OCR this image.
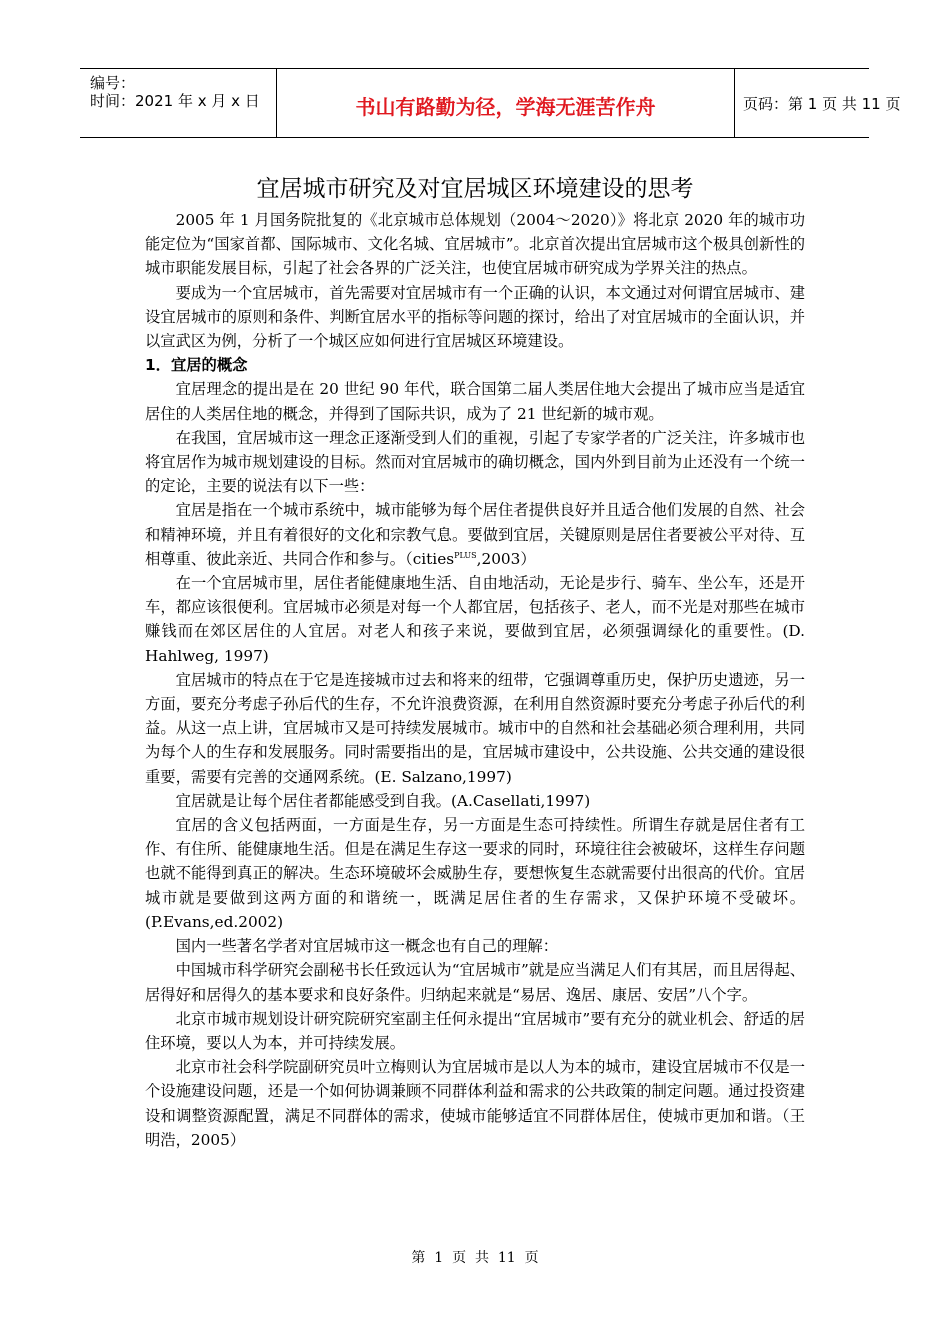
编号：
时间：2021 年 x 月 x 日	书山有路勤为径，学海无涯苦作舟	页码：第 1 页 共 11 页
宜居城市研究及对宜居城区环境建设的思考

2005 年 1 月国务院批复的《北京城市总体规划（2004～2020）》将北京 2020 年的城市功能定位为“国家首都、国际城市、文化名城、宜居城市”。北京首次提出宜居城市这个极具创新性的城市职能发展目标，引起了社会各界的广泛关注，也使宜居城市研究成为学界关注的热点。

要成为一个宜居城市，首先需要对宜居城市有一个正确的认识，本文通过对何谓宜居城市、建设宜居城市的原则和条件、判断宜居水平的指标等问题的探讨，给出了对宜居城市的全面认识，并以宣武区为例，分析了一个城区应如何进行宜居城区环境建设。

1．宜居的概念

宜居理念的提出是在 20 世纪 90 年代，联合国第二届人类居住地大会提出了城市应当是适宜居住的人类居住地的概念，并得到了国际共识，成为了 21 世纪新的城市观。

在我国，宜居城市这一理念正逐渐受到人们的重视，引起了专家学者的广泛关注，许多城市也将宜居作为城市规划建设的目标。然而对宜居城市的确切概念，国内外到目前为止还没有一个统一的定论，主要的说法有以下一些：

宜居是指在一个城市系统中，城市能够为每个居住者提供良好并且适合他们发展的自然、社会和精神环境，并且有着很好的文化和宗教气息。要做到宜居，关键原则是居住者要被公平对待、互相尊重、彼此亲近、共同合作和参与。（cities$^{PLUS}$,2003）

在一个宜居城市里，居住者能健康地生活、自由地活动，无论是步行、骑车、坐公车，还是开车，都应该很便利。宜居城市必须是对每一个人都宜居，包括孩子、老人，而不光是对那些在城市赚钱而在郊区居住的人宜居。对老人和孩子来说，要做到宜居，必须强调绿化的重要性。(D. Hahlweg, 1997)

宜居城市的特点在于它是连接城市过去和将来的纽带，它强调尊重历史，保护历史遗迹，另一方面，要充分考虑子孙后代的生存，不允许浪费资源，在利用自然资源时要充分考虑子孙后代的利益。从这一点上讲，宜居城市又是可持续发展城市。城市中的自然和社会基础必须合理利用，共同为每个人的生存和发展服务。同时需要指出的是，宜居城市建设中，公共设施、公共交通的建设很重要，需要有完善的交通网系统。(E. Salzano,1997)

宜居就是让每个居住者都能感受到自我。(A.Casellati,1997)

宜居的含义包括两面，一方面是生存，另一方面是生态可持续性。所谓生存就是居住者有工作、有住所、能健康地生活。但是在满足生存这一要求的同时，环境往往会被破坏，这样生存问题也就不能得到真正的解决。生态环境破坏会威胁生存，要想恢复生态就需要付出很高的代价。宜居城市就是要做到这两方面的和谐统一，既满足居住者的生存需求，又保护环境不受破坏。(P.Evans,ed.2002)

国内一些著名学者对宜居城市这一概念也有自己的理解：

中国城市科学研究会副秘书长任致远认为“宜居城市”就是应当满足人们有其居，而且居得起、居得好和居得久的基本要求和良好条件。归纳起来就是“易居、逸居、康居、安居”八个字。

北京市城市规划设计研究院研究室副主任何永提出“宜居城市”要有充分的就业机会、舒适的居住环境，要以人为本，并可持续发展。

北京市社会科学院副研究员叶立梅则认为宜居城市是以人为本的城市，建设宜居城市不仅是一个设施建设问题，还是一个如何协调兼顾不同群体利益和需求的公共政策的制定问题。通过投资建设和调整资源配置，满足不同群体的需求，使城市能够适宜不同群体居住，使城市更加和谐。（王明浩，2005）

第  1  页  共  11  页
